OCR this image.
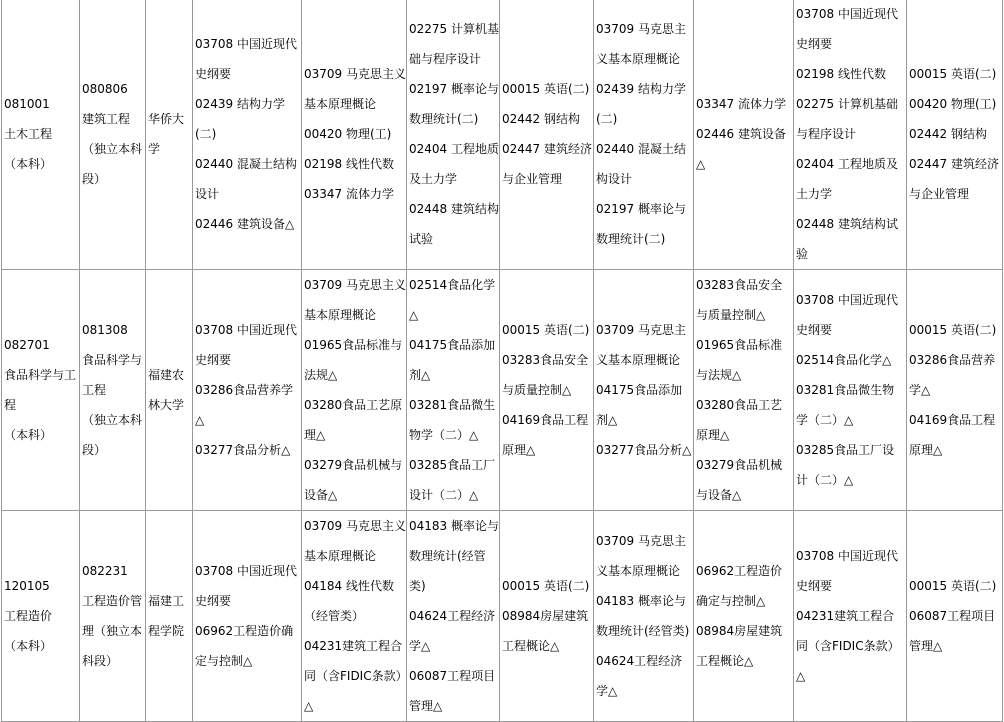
081001
土木工程
（本科）	080806
建筑工程
（独立本科段）	华侨大学	03708 中国近现代史纲要
02439 结构力学(二)
02440 混凝土结构设计
02446 建筑设备△	03709 马克思主义基本原理概论
00420 物理(工)
02198 线性代数
03347 流体力学	02275 计算机基础与程序设计
02197 概率论与数理统计(二)
02404 工程地质及土力学
02448 建筑结构试验	00015 英语(二)
02442 钢结构
02447 建筑经济与企业管理	03709 马克思主义基本原理概论
02439 结构力学(二)
02440 混凝土结构设计
02197 概率论与数理统计(二)	03347 流体力学
02446 建筑设备△	03708 中国近现代史纲要
02198 线性代数
02275 计算机基础与程序设计
02404 工程地质及土力学
02448 建筑结构试验	00015 英语(二)
00420 物理(工)
02442 钢结构
02447 建筑经济与企业管理

082701
食品科学与工程
（本科）	081308
食品科学与工程
（独立本科段）	福建农林大学	03708 中国近现代史纲要
03286食品营养学△
03277食品分析△	03709 马克思主义基本原理概论
01965食品标准与法规△
03280食品工艺原理△
03279食品机械与设备△	02514食品化学△
04175食品添加剂△
03281食品微生物学（二）△
03285食品工厂设计（二）△	00015 英语(二)
03283食品安全与质量控制△
04169食品工程原理△	03709 马克思主义基本原理概论
04175食品添加剂△
03277食品分析△	03283食品安全与质量控制△
01965食品标准与法规△
03280食品工艺原理△
03279食品机械与设备△	03708 中国近现代史纲要
02514食品化学△
03281食品微生物学（二）△
03285食品工厂设计（二）△	00015 英语(二)
03286食品营养学△
04169食品工程原理△

120105
工程造价
（本科）	082231
工程造价管理（独立本科段）	福建工程学院	03708 中国近现代史纲要
06962工程造价确定与控制△	03709 马克思主义基本原理概论
04184 线性代数（经管类）
04231建筑工程合同（含FIDIC条款）△	04183 概率论与数理统计(经管类)
04624工程经济学△
06087工程项目管理△	00015 英语(二)
08984房屋建筑工程概论△	03709 马克思主义基本原理概论
04183 概率论与数理统计(经管类)
04624工程经济学△	06962工程造价确定与控制△
08984房屋建筑工程概论△	03708 中国近现代史纲要
04231建筑工程合同（含FIDIC条款）△	00015 英语(二)
06087工程项目管理△
